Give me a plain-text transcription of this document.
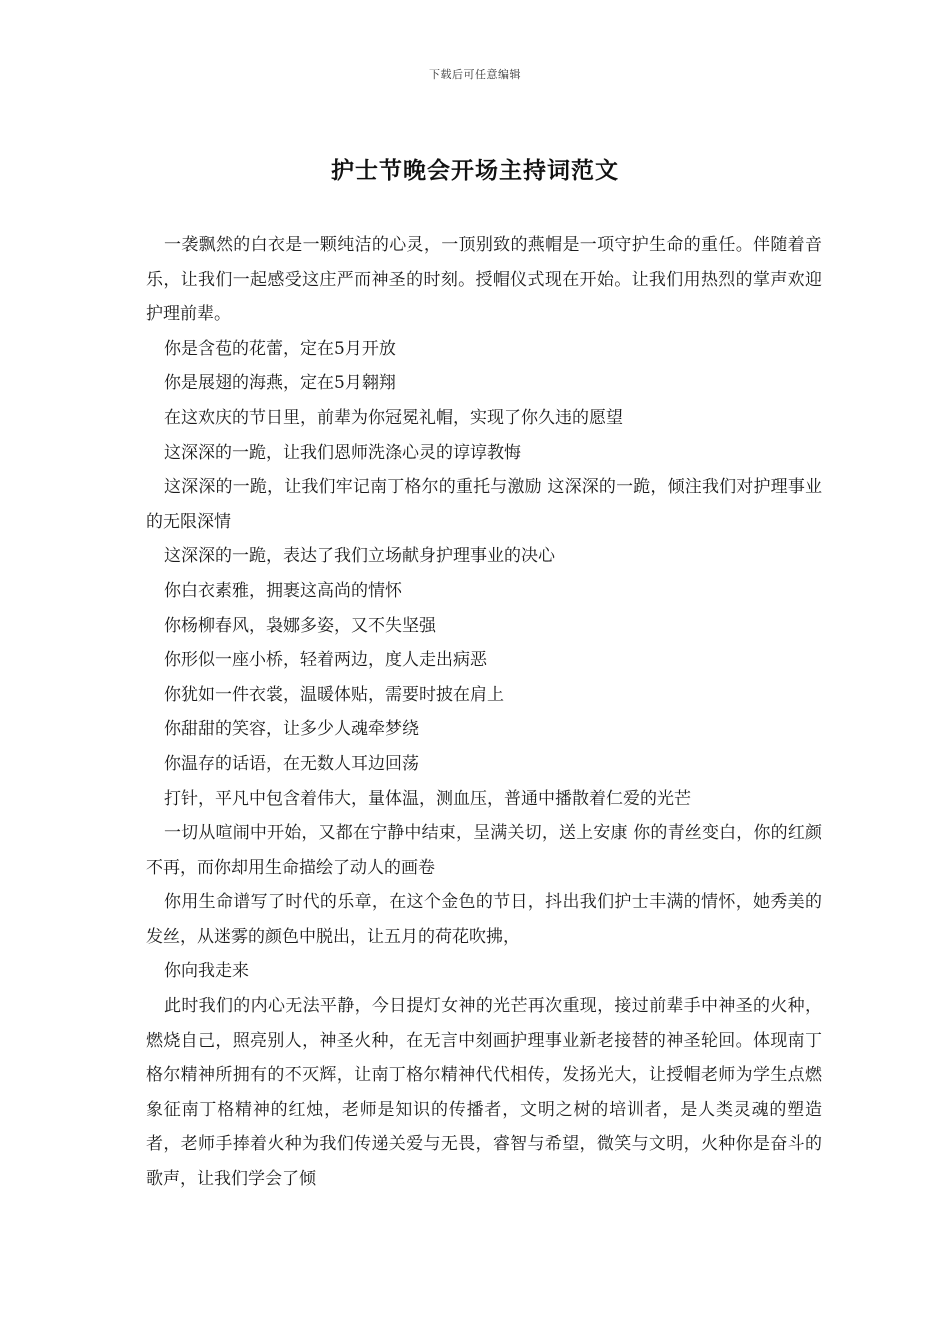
下载后可任意编辑
护士节晚会开场主持词范文

一袭飘然的白衣是一颗纯洁的心灵，一顶别致的燕帽是一项守护生命的重任。伴随着音乐，让我们一起感受这庄严而神圣的时刻。授帽仪式现在开始。让我们用热烈的掌声欢迎护理前辈。

你是含苞的花蕾，定在5月开放

你是展翅的海燕，定在5月翱翔

在这欢庆的节日里，前辈为你冠冕礼帽，实现了你久违的愿望

这深深的一跪，让我们恩师洗涤心灵的谆谆教悔

这深深的一跪，让我们牢记南丁格尔的重托与激励 这深深的一跪，倾注我们对护理事业的无限深情

这深深的一跪，表达了我们立场献身护理事业的决心

你白衣素雅，拥裹这高尚的情怀

你杨柳春风，袅娜多姿，又不失坚强

你形似一座小桥，轻着两边，度人走出病恶

你犹如一件衣裳，温暖体贴，需要时披在肩上

你甜甜的笑容，让多少人魂牵梦绕

你温存的话语，在无数人耳边回荡

打针，平凡中包含着伟大，量体温，测血压，普通中播散着仁爱的光芒

一切从喧闹中开始，又都在宁静中结束，呈满关切，送上安康 你的青丝变白，你的红颜不再，而你却用生命描绘了动人的画卷

你用生命谱写了时代的乐章，在这个金色的节日，抖出我们护士丰满的情怀，她秀美的发丝，从迷雾的颜色中脱出，让五月的荷花吹拂，

你向我走来

此时我们的内心无法平静，今日提灯女神的光芒再次重现，接过前辈手中神圣的火种，燃烧自己，照亮别人，神圣火种，在无言中刻画护理事业新老接替的神圣轮回。体现南丁格尔精神所拥有的不灭辉，让南丁格尔精神代代相传，发扬光大，让授帽老师为学生点燃象征南丁格精神的红烛，老师是知识的传播者，文明之树的培训者，是人类灵魂的塑造者，老师手捧着火种为我们传递关爱与无畏，睿智与希望，微笑与文明，火种你是奋斗的歌声，让我们学会了倾
